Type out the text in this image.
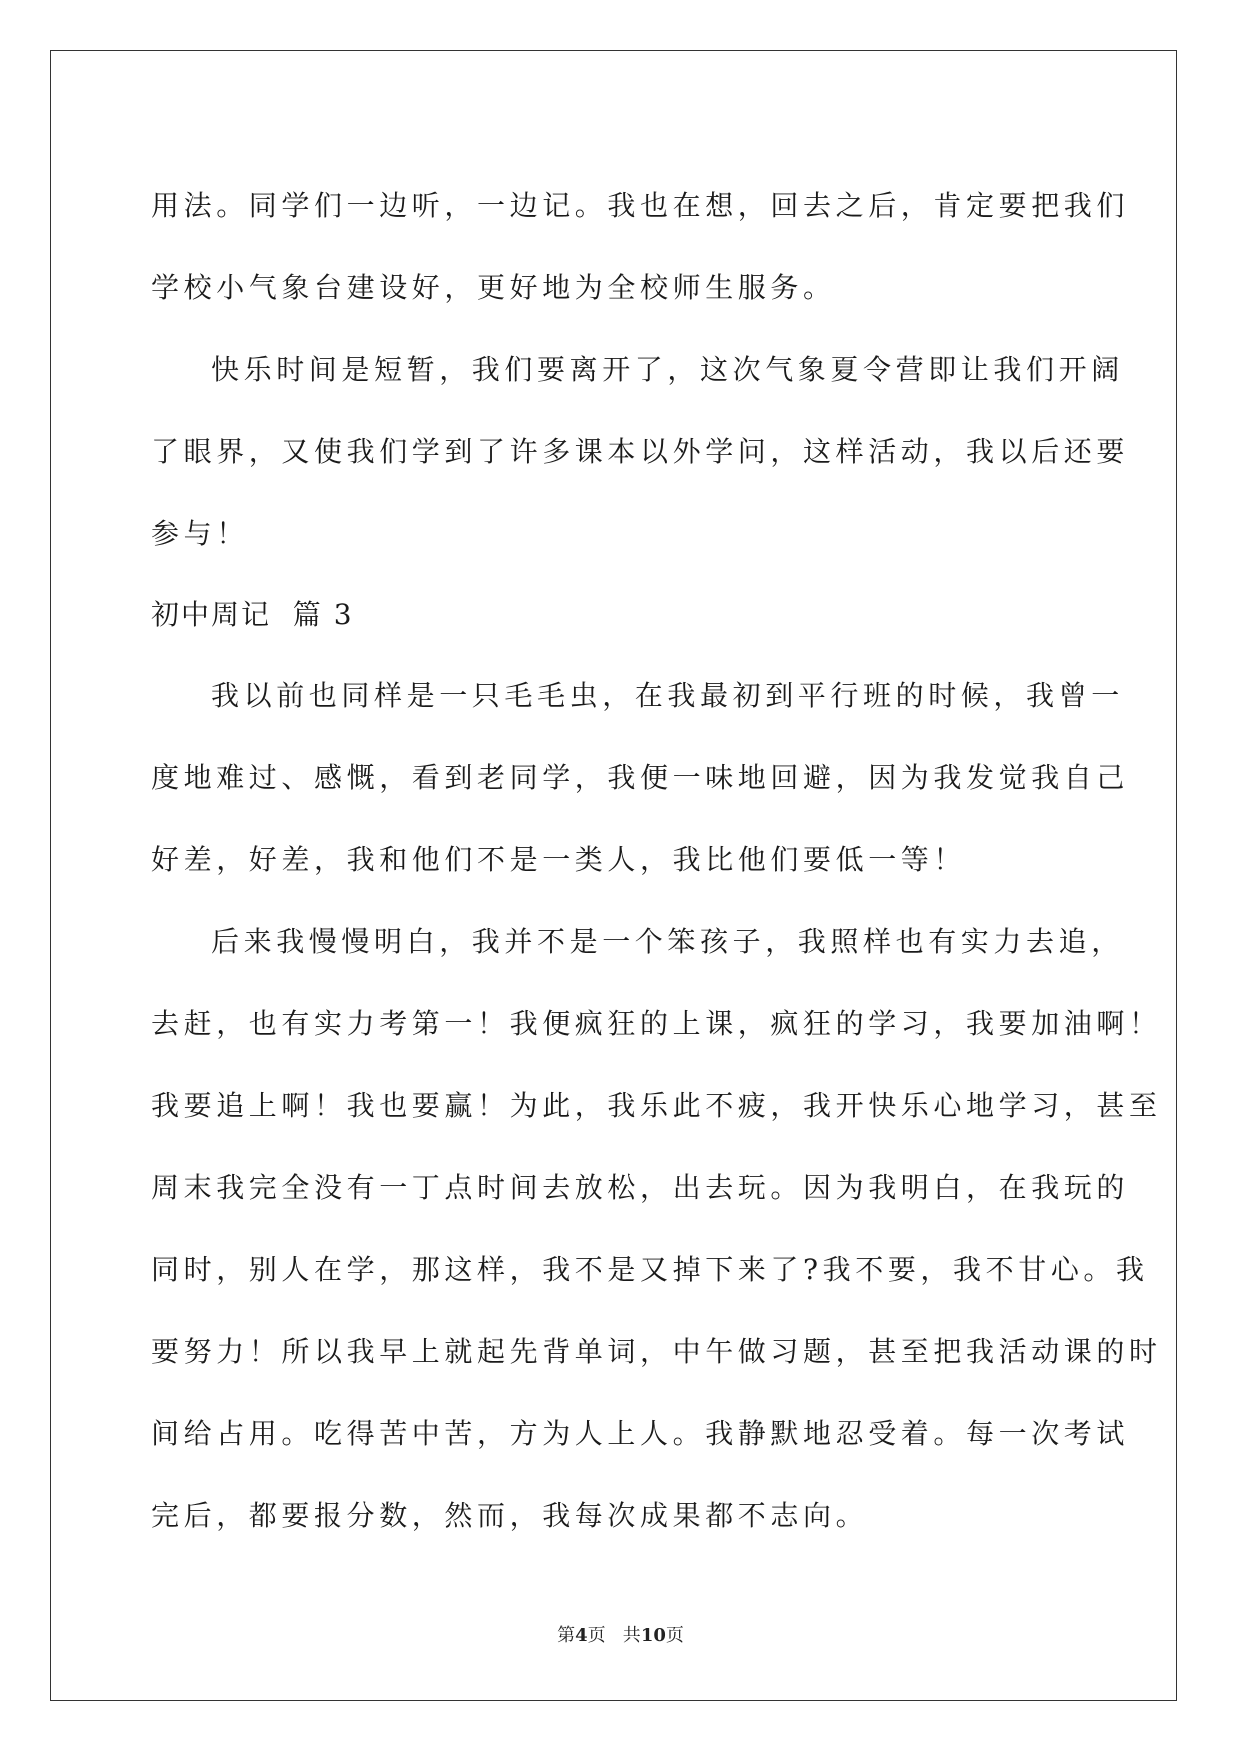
用法。同学们一边听，一边记。我也在想，回去之后，肯定要把我们
学校小气象台建设好，更好地为全校师生服务。
快乐时间是短暂，我们要离开了，这次气象夏令营即让我们开阔
了眼界，又使我们学到了许多课本以外学问，这样活动，我以后还要
参与！
初中周记  篇 3
我以前也同样是一只毛毛虫，在我最初到平行班的时候，我曾一
度地难过、感慨，看到老同学，我便一味地回避，因为我发觉我自己
好差，好差，我和他们不是一类人，我比他们要低一等！
后来我慢慢明白，我并不是一个笨孩子，我照样也有实力去追，
去赶，也有实力考第一！我便疯狂的上课，疯狂的学习，我要加油啊！
我要追上啊！我也要赢！为此，我乐此不疲，我开快乐心地学习，甚至
周末我完全没有一丁点时间去放松，出去玩。因为我明白，在我玩的
同时，别人在学，那这样，我不是又掉下来了?我不要，我不甘心。我
要努力！所以我早上就起先背单词，中午做习题，甚至把我活动课的时
间给占用。吃得苦中苦，方为人上人。我静默地忍受着。每一次考试
完后，都要报分数，然而，我每次成果都不志向。
第4页   共10页
